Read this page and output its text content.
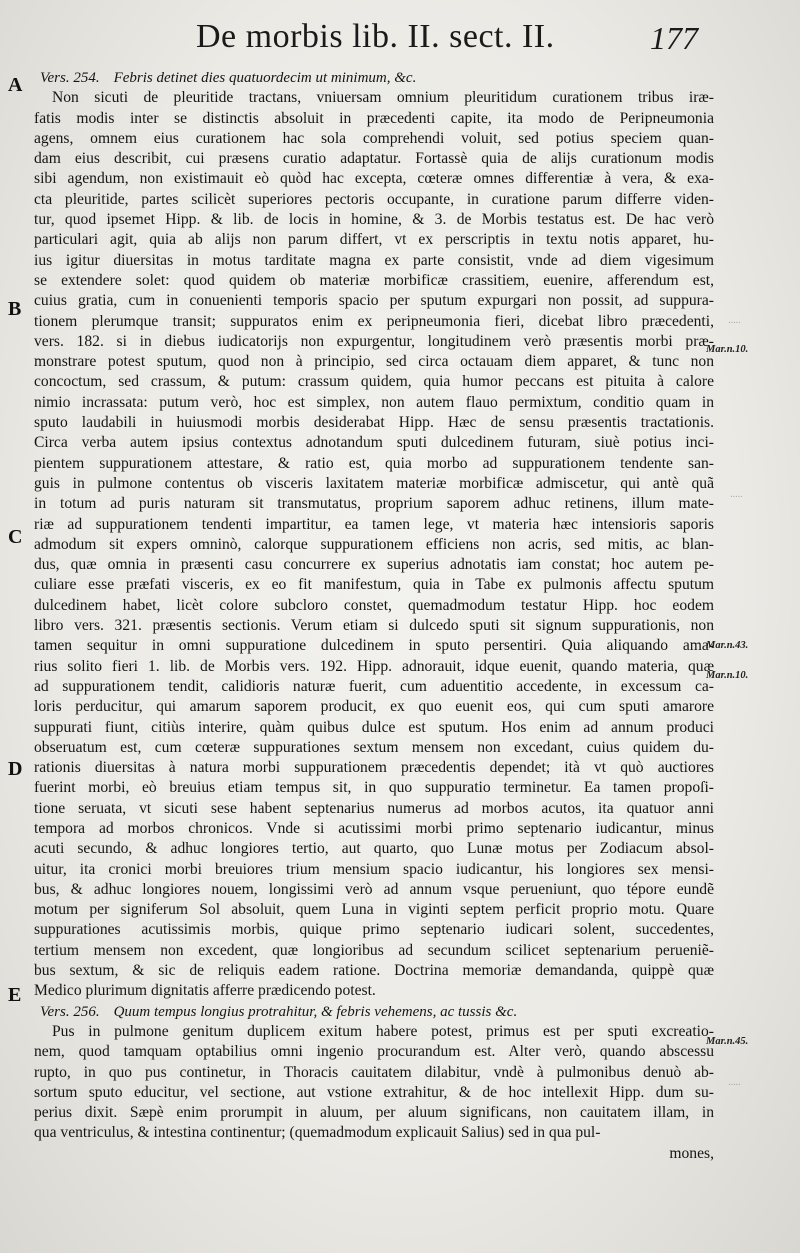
De morbis lib. II. sect. II.	177
·····
·····
·····
A
B
C
D
E
Mar.n.10.
Mar.n.43.
Mar.n.10.
Mar.n.45.

Vers. 254. Febris detinet dies quatuordecim ut minimum, &c.

Non sicuti de pleuritide tractans, vniuersam omnium pleuritidum curationem tribus iræ-
fatis modis inter se distinctis absoluit in præcedenti capite, ita modo de Peripneumonia
agens, omnem eius curationem hac sola comprehendi voluit, sed potius speciem quan-
dam eius describit, cui præsens curatio adaptatur. Fortassè quia de alijs curationum modis
sibi agendum, non existimauit eò quòd hac excepta, cœteræ omnes differentiæ à vera, & exa-
cta pleuritide, partes scilicèt superiores pectoris occupante, in curatione parum differre viden-
tur, quod ipsemet Hipp. & lib. de locis in homine, & 3. de Morbis testatus est. De hac verò
particulari agit, quia ab alijs non parum differt, vt ex perscriptis in textu notis apparet, hu-
ius igitur diuersitas in motus tarditate magna ex parte consistit, vnde ad diem vigesimum
se extendere solet: quod quidem ob materiæ morbificæ crassitiem, euenire, afferendum est,
cuius gratia, cum in conuenienti temporis spacio per sputum expurgari non possit, ad suppura-
tionem plerumque transit; suppuratos enim ex peripneumonia fieri, dicebat libro præcedenti,
vers. 182. si in diebus iudicatorijs non expurgentur, longitudinem verò præsentis morbi præ-
monstrare potest sputum, quod non à principio, sed circa octauam diem apparet, & tunc non
concoctum, sed crassum, & putum: crassum quidem, quia humor peccans est pituita à calore
nimio incrassata: putum verò, hoc est simplex, non autem flauo permixtum, conditio quam in
sputo laudabili in huiusmodi morbis desiderabat Hipp. Hæc de sensu præsentis tractationis.
Circa verba autem ipsius contextus adnotandum sputi dulcedinem futuram, siuè potius inci-
pientem suppurationem attestare, & ratio est, quia morbo ad suppurationem tendente san-
guis in pulmone contentus ob visceris laxitatem materiæ morbificæ admiscetur, qui antè quã
in totum ad puris naturam sit transmutatus, proprium saporem adhuc retinens, illum mate-
riæ ad suppurationem tendenti impartitur, ea tamen lege, vt materia hæc intensioris saporis
admodum sit expers omninò, calorque suppurationem efficiens non acris, sed mitis, ac blan-
dus, quæ omnia in præsenti casu concurrere ex superius adnotatis iam constat; hoc autem pe-
culiare esse præfati visceris, ex eo fit manifestum, quia in Tabe ex pulmonis affectu sputum
dulcedinem habet, licèt colore subcloro constet, quemadmodum testatur Hipp. hoc eodem
libro vers. 321. præsentis sectionis. Verum etiam si dulcedo sputi sit signum suppurationis, non
tamen sequitur in omni suppuratione dulcedinem in sputo persentiri. Quia aliquando ama-
rius solito fieri 1. lib. de Morbis vers. 192. Hipp. adnorauit, idque euenit, quando materia, quæ
ad suppurationem tendit, calidioris naturæ fuerit, cum aduentitio accedente, in excessum ca-
loris perducitur, qui amarum saporem producit, ex quo euenit eos, qui cum sputi amarore
suppurati fiunt, citiùs interire, quàm quibus dulce est sputum. Hos enim ad annum produci
obseruatum est, cum cœteræ suppurationes sextum mensem non excedant, cuius quidem du-
rationis diuersitas à natura morbi suppurationem præcedentis dependet; ità vt quò auctiores
fuerint morbi, eò breuius etiam tempus sit, in quo suppuratio terminetur. Ea tamen propoſi-
tione seruata, vt sicuti sese habent septenarius numerus ad morbos acutos, ita quatuor anni
tempora ad morbos chronicos. Vnde si acutissimi morbi primo septenario iudicantur, minus
acuti secundo, & adhuc longiores tertio, aut quarto, quo Lunæ motus per Zodiacum absol-
uitur, ita cronici morbi breuiores trium mensium spacio iudicantur, his longiores sex mensi-
bus, & adhuc longiores nouem, longissimi verò ad annum vsque perueniunt, quo tépore eundẽ
motum per signiferum Sol absoluit, quem Luna in viginti septem perficit proprio motu. Quare
suppurationes acutissimis morbis, quique primo septenario iudicari solent, succedentes,
tertium mensem non excedent, quæ longioribus ad secundum scilicet septenarium perueniẽ-
bus sextum, & sic de reliquis eadem ratione. Doctrina memoriæ demandanda, quippè quæ
Medico plurimum dignitatis afferre prædicendo potest.

Vers. 256. Quum tempus longius protrahitur, & febris vehemens, ac tussis &c.

Pus in pulmone genitum duplicem exitum habere potest, primus est per sputi excreatio-
nem, quod tamquam optabilius omni ingenio procurandum est. Alter verò, quando abscessu
rupto, in quo pus continetur, in Thoracis cauitatem dilabitur, vndè à pulmonibus denuò ab-
sortum sputo educitur, vel sectione, aut vstione extrahitur, & de hoc intellexit Hipp. dum su-
perius dixit. Sæpè enim prorumpit in aluum, per aluum significans, non cauitatem illam, in
qua ventriculus, & intestina continentur; (quemadmodum explicauit Salius) sed in qua pul-
mones,
